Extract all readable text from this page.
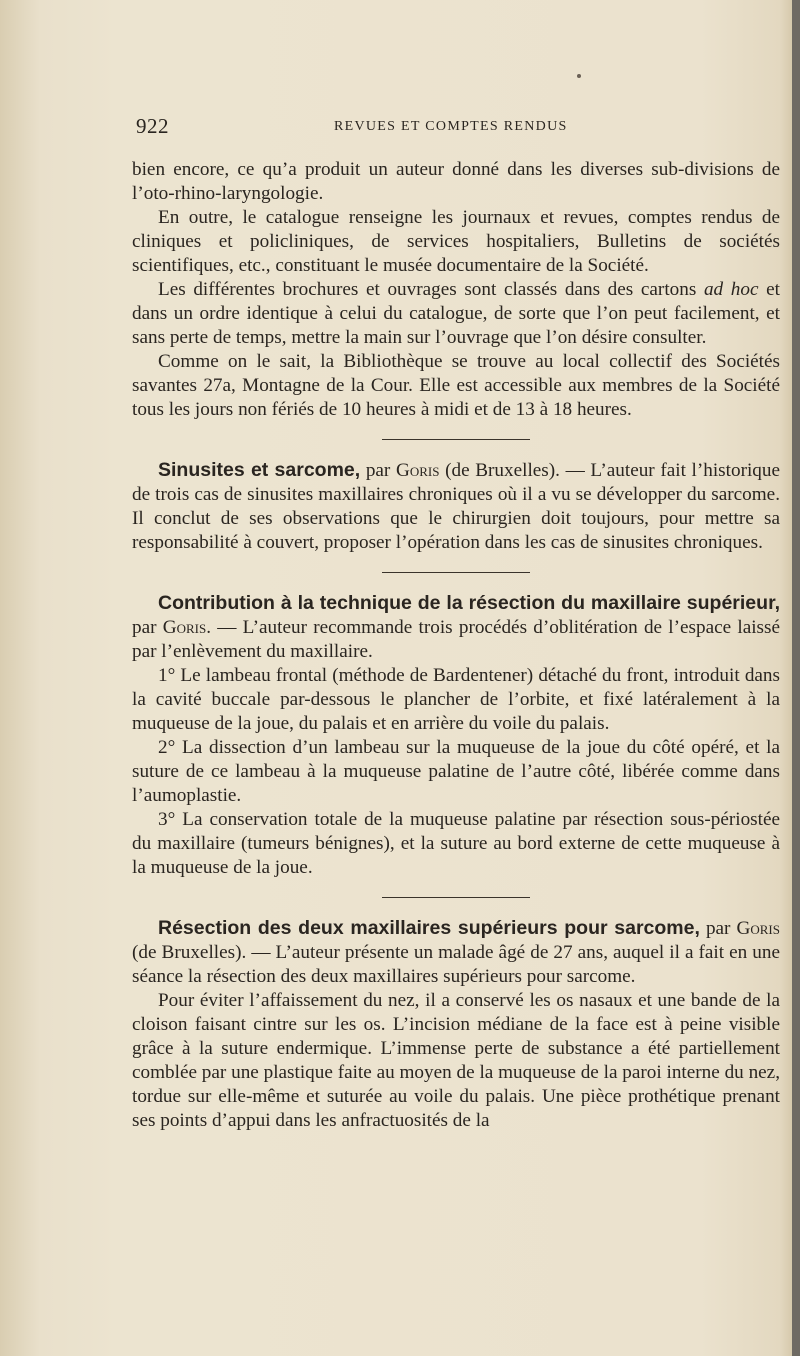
922	REVUES ET COMPTES RENDUS

bien encore, ce qu’a produit un auteur donné dans les diverses sub-divisions de l’oto-rhino-laryngologie.

En outre, le catalogue renseigne les journaux et revues, comptes rendus de cliniques et policliniques, de services hospitaliers, Bulletins de sociétés scientifiques, etc., constituant le musée documentaire de la Société.

Les différentes brochures et ouvrages sont classés dans des cartons ad hoc et dans un ordre identique à celui du catalogue, de sorte que l’on peut facilement, et sans perte de temps, mettre la main sur l’ouvrage que l’on désire consulter.

Comme on le sait, la Bibliothèque se trouve au local collectif des Sociétés savantes 27a, Montagne de la Cour. Elle est accessible aux membres de la Société tous les jours non fériés de 10 heures à midi et de 13 à 18 heures.

Sinusites et sarcome, par Goris (de Bruxelles). — L’auteur fait l’historique de trois cas de sinusites maxillaires chroniques où il a vu se développer du sarcome. Il conclut de ses observations que le chirurgien doit toujours, pour mettre sa responsabilité à couvert, proposer l’opération dans les cas de sinusites chroniques.

Contribution à la technique de la résection du maxillaire supérieur, par Goris. — L’auteur recommande trois procédés d’oblitération de l’espace laissé par l’enlèvement du maxillaire.

1° Le lambeau frontal (méthode de Bardentener) détaché du front, introduit dans la cavité buccale par-dessous le plancher de l’orbite, et fixé latéralement à la muqueuse de la joue, du palais et en arrière du voile du palais.

2° La dissection d’un lambeau sur la muqueuse de la joue du côté opéré, et la suture de ce lambeau à la muqueuse palatine de l’autre côté, libérée comme dans l’aumoplastie.

3° La conservation totale de la muqueuse palatine par résection sous-périostée du maxillaire (tumeurs bénignes), et la suture au bord externe de cette muqueuse à la muqueuse de la joue.

Résection des deux maxillaires supérieurs pour sarcome, par Goris (de Bruxelles). — L’auteur présente un malade âgé de 27 ans, auquel il a fait en une séance la résection des deux maxillaires supérieurs pour sarcome.

Pour éviter l’affaissement du nez, il a conservé les os nasaux et une bande de la cloison faisant cintre sur les os. L’incision médiane de la face est à peine visible grâce à la suture endermique. L’immense perte de substance a été partiellement comblée par une plastique faite au moyen de la muqueuse de la paroi interne du nez, tordue sur elle-même et suturée au voile du palais. Une pièce prothétique prenant ses points d’appui dans les anfractuosités de la
